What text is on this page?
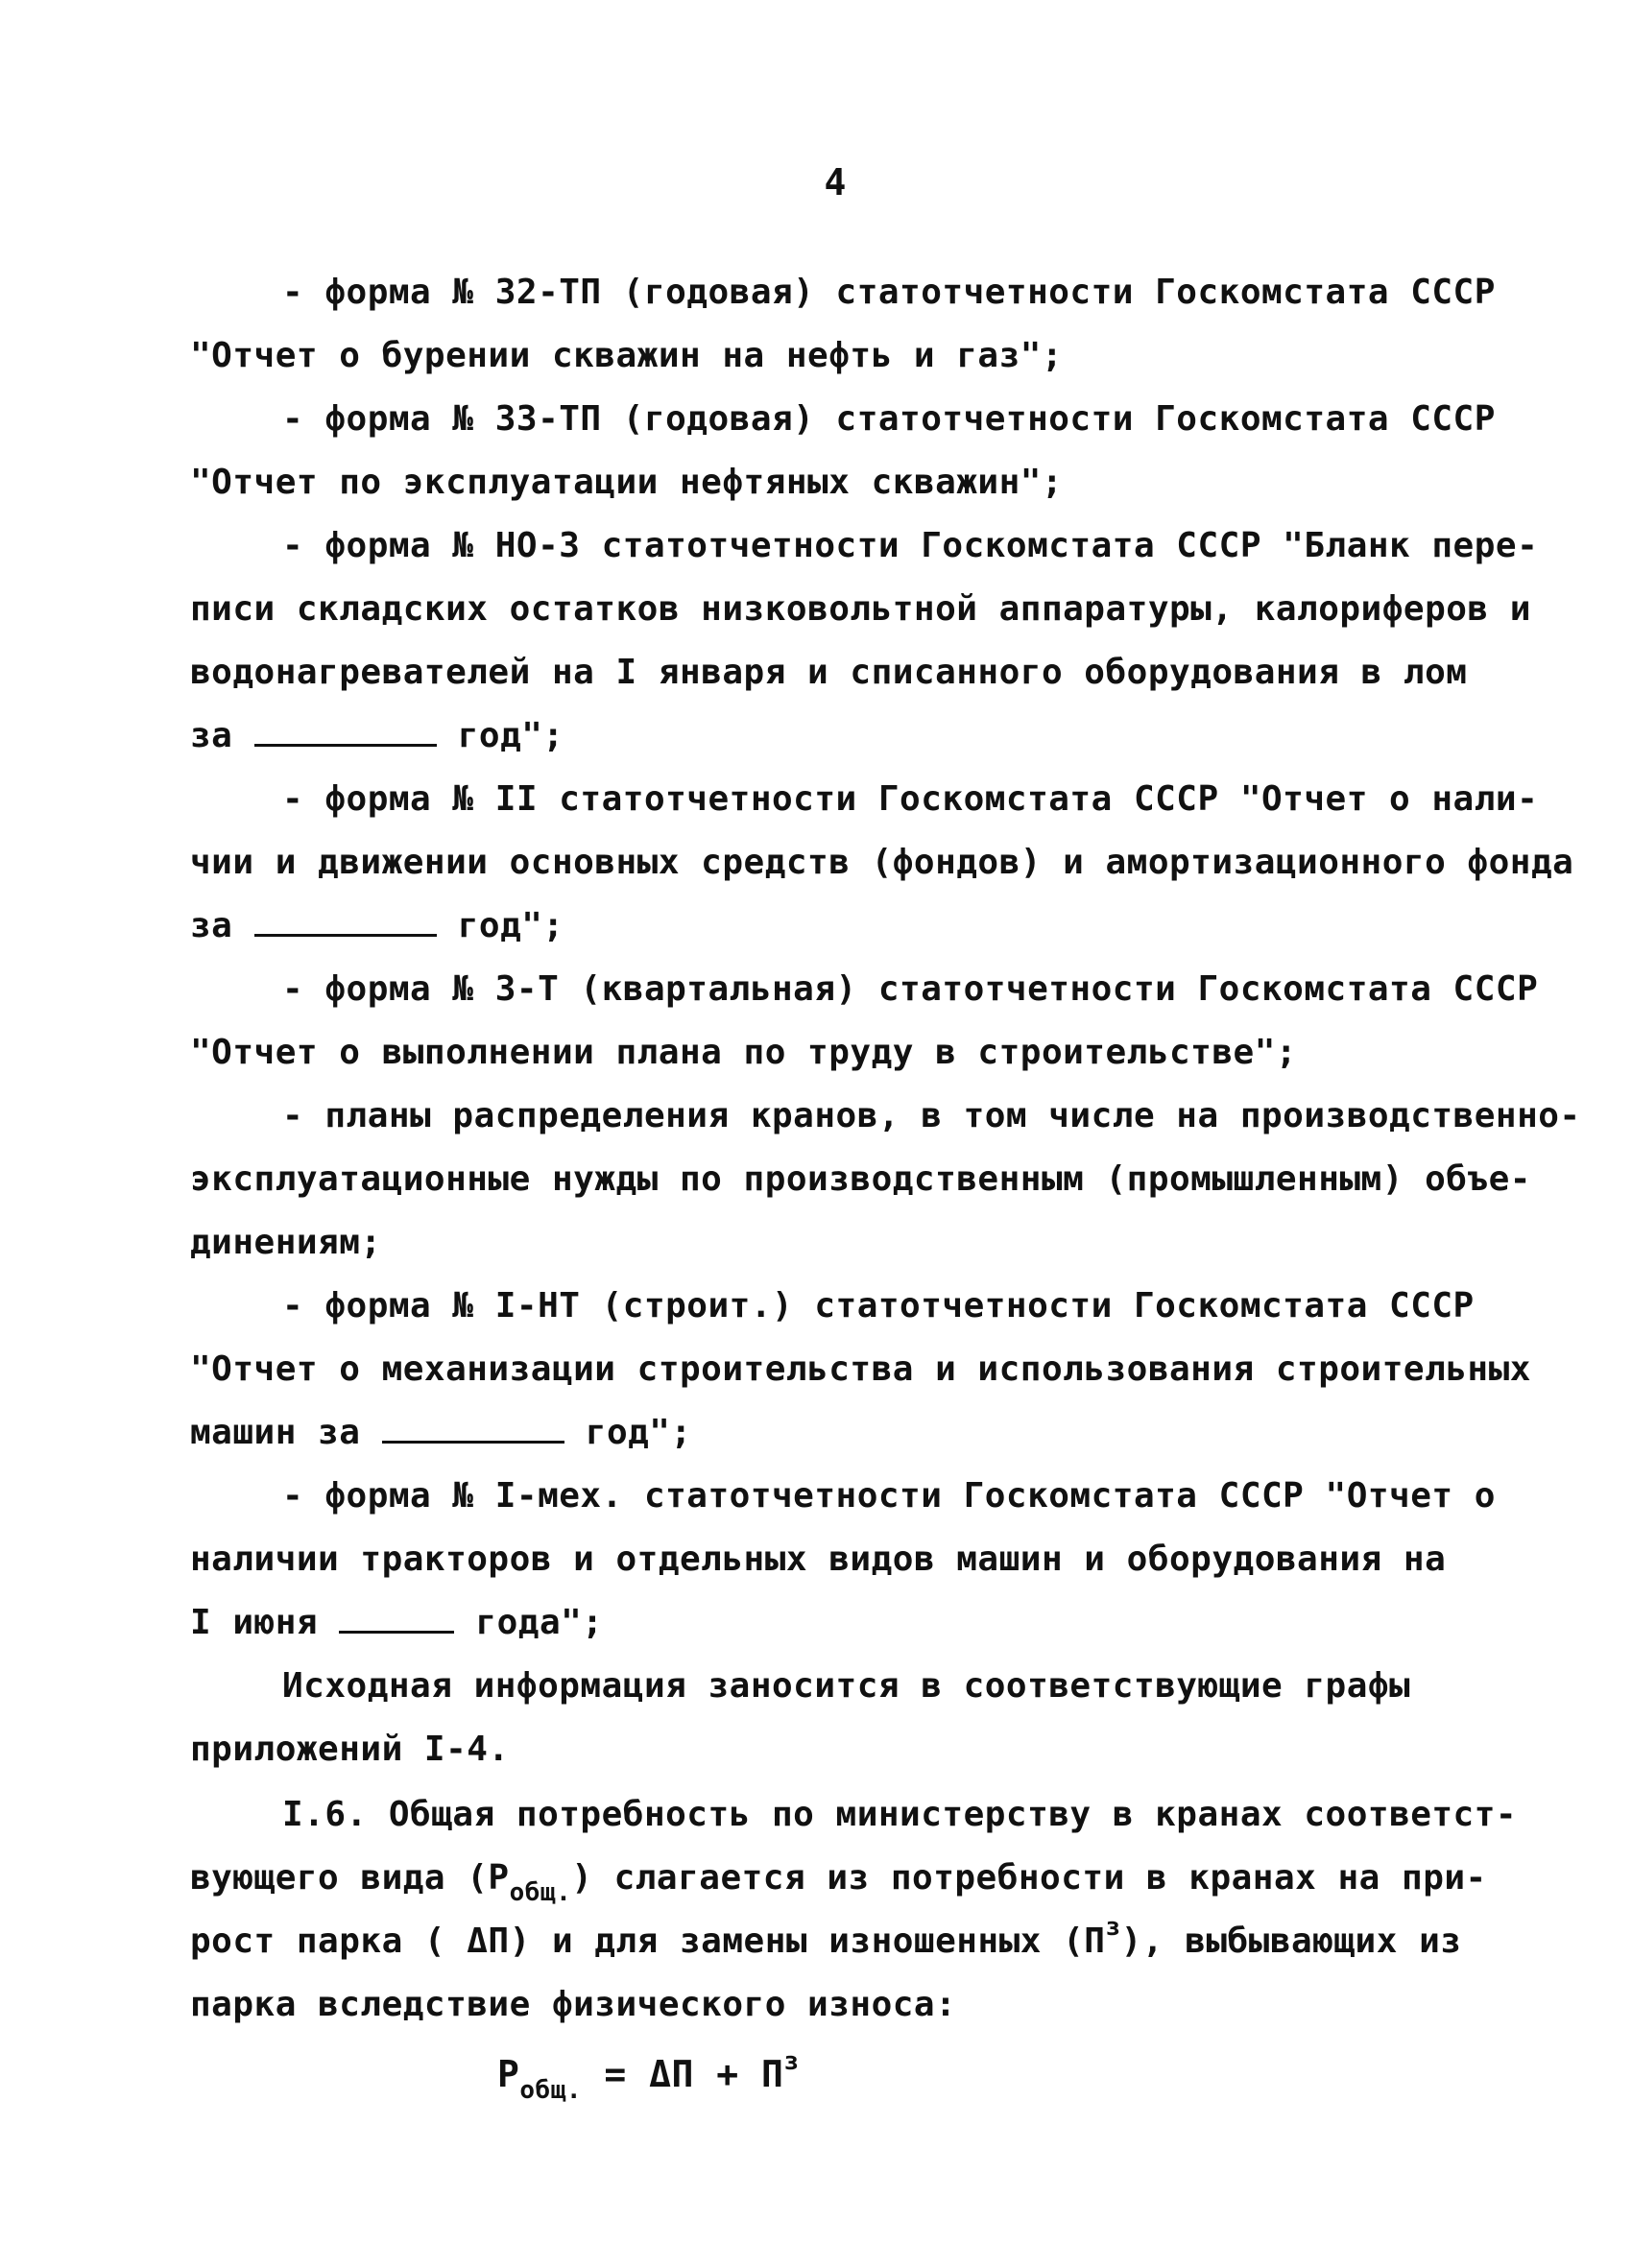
4
- форма № 32-ТП (годовая) статотчетности Госкомстата СССР
"Отчет о бурении скважин на нефть и газ";
- форма № 33-ТП (годовая) статотчетности Госкомстата СССР
"Отчет по эксплуатации нефтяных скважин";
- форма № НО-3 статотчетности Госкомстата СССР "Бланк пере-
писи складских остатков низковольтной аппаратуры, калориферов и
водонагревателей на I января и списанного оборудования в лом
за	год";
- форма № II статотчетности Госкомстата СССР "Отчет о нали-
чии и движении основных средств (фондов) и амортизационного фонда
за	год";
- форма № 3-Т (квартальная) статотчетности Госкомстата СССР
"Отчет о выполнении плана по труду в строительстве";
- планы распределения кранов, в том числе на производственно-
эксплуатационные нужды по производственным (промышленным) объе-
динениям;
- форма № I-НТ (строит.) статотчетности Госкомстата СССР
"Отчет о механизации строительства и использования строительных
машин за	год";
- форма № I-мех. статотчетности Госкомстата СССР "Отчет о
наличии тракторов и отдельных видов машин и оборудования на
I июня	года";
Исходная информация заносится в соответствующие графы
приложений I-4.
I.6. Общая потребность по министерству в кранах соответст-
вующего вида $(Р_{общ.})$ слагается из потребности в кранах на при-
рост парка ( ΔП) и для замены изношенных $(П^з)$, выбывающих из
парка вследствие физического износа:
$Р_{общ.} = \Delta П + П^з$
